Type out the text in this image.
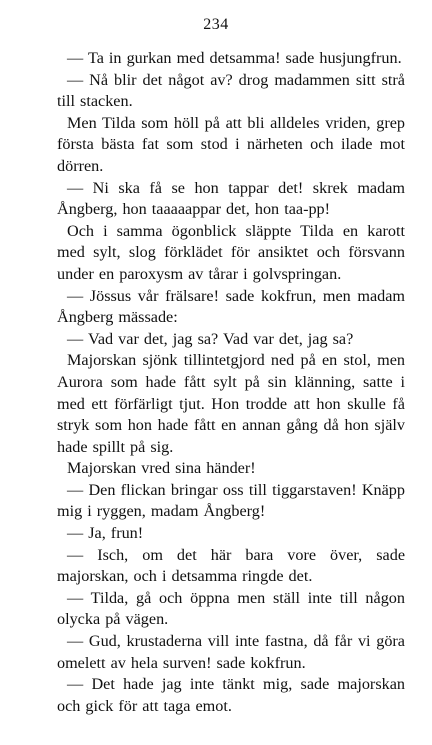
234

— Ta in gurkan med detsamma! sade husjungfrun.

— Nå blir det något av? drog madammen sitt strå till stacken.

Men Tilda som höll på att bli alldeles vriden, grep första bästa fat som stod i närheten och ilade mot dörren.

— Ni ska få se hon tappar det! skrek madam Ångberg, hon taaaaappar det, hon taa-pp!

Och i samma ögonblick släppte Tilda en karott med sylt, slog förklädet för ansiktet och försvann under en paroxysm av tårar i golvspringan.

— Jössus vår frälsare! sade kokfrun, men madam Ångberg mässade:

— Vad var det, jag sa? Vad var det, jag sa?

Majorskan sjönk tillintetgjord ned på en stol, men Aurora som hade fått sylt på sin klänning, satte i med ett förfärligt tjut. Hon trodde att hon skulle få stryk som hon hade fått en annan gång då hon själv hade spillt på sig.

Majorskan vred sina händer!

— Den flickan bringar oss till tiggarstaven! Knäpp mig i ryggen, madam Ångberg!

— Ja, frun!

— Isch, om det här bara vore över, sade majorskan, och i detsamma ringde det.

— Tilda, gå och öppna men ställ inte till någon olycka på vägen.

— Gud, krustaderna vill inte fastna, då får vi göra omelett av hela surven! sade kokfrun.

— Det hade jag inte tänkt mig, sade majorskan och gick för att taga emot.
